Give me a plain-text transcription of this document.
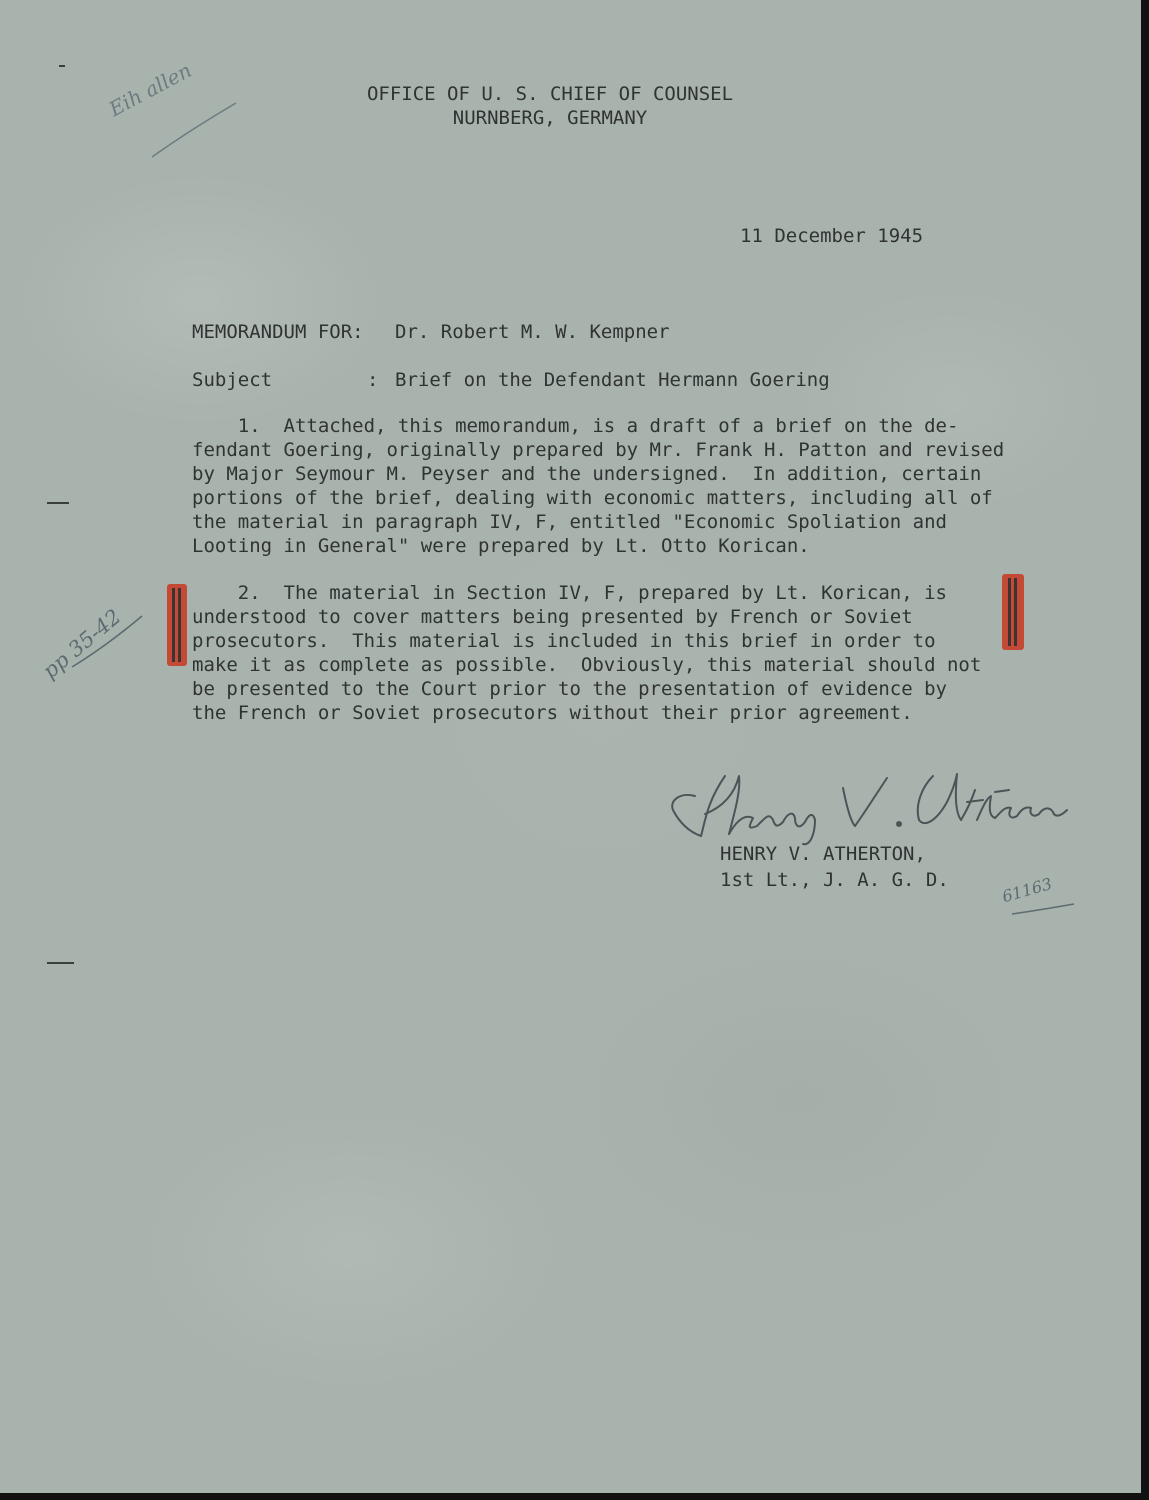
Eih allen	OFFICE OF U. S. CHIEF OF COUNSEL
NURNBERG, GERMANY
11 December 1945
MEMORANDUM FOR: Dr. Robert M. W. Kempner
Subject	: Brief on the Defendant Hermann Goering
1.  Attached, this memorandum, is a draft of a brief on the de-
fendant Goering, originally prepared by Mr. Frank H. Patton and revised
by Major Seymour M. Peyser and the undersigned.  In addition, certain
portions of the brief, dealing with economic matters, including all of
the material in paragraph IV, F, entitled "Economic Spoliation and
Looting in General" were prepared by Lt. Otto Korican.
2.  The material in Section IV, F, prepared by Lt. Korican, is
understood to cover matters being presented by French or Soviet
prosecutors.  This material is included in this brief in order to
make it as complete as possible.  Obviously, this material should not
be presented to the Court prior to the presentation of evidence by
the French or Soviet prosecutors without their prior agreement.
pp 35-42
HENRY V. ATHERTON,
1st Lt., J. A. G. D.	61163
